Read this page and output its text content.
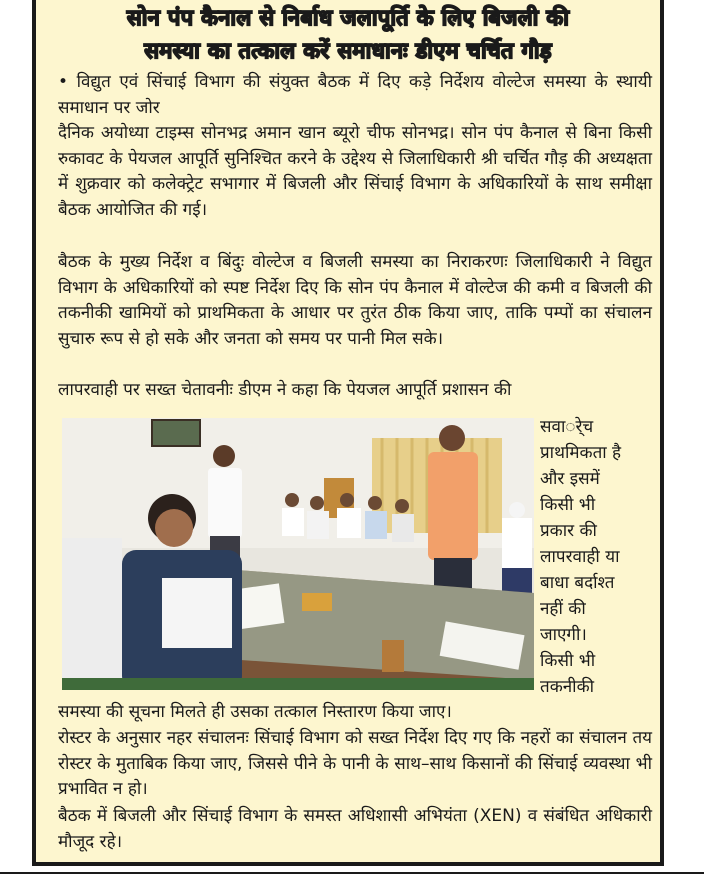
सोन पंप कैनाल से निर्बाध जलापूर्ति के लिए बिजली की
समस्या का तत्काल करें समाधानः डीएम चर्चित गौड़
• विद्युत एवं सिंचाई विभाग की संयुक्त बैठक में दिए कड़े निर्देशय वोल्टेज समस्या के स्थायी समाधान पर जोर
दैनिक अयोध्या टाइम्स सोनभद्र अमान खान ब्यूरो चीफ सोनभद्र। सोन पंप कैनाल से बिना किसी रुकावट के पेयजल आपूर्ति सुनिश्चित करने के उद्देश्य से जिलाधिकारी श्री चर्चित गौड़ की अध्यक्षता में शुक्रवार को कलेक्ट्रेट सभागार में बिजली और सिंचाई विभाग के अधिकारियों के साथ समीक्षा बैठक आयोजित की गई।
बैठक के मुख्य निर्देश व बिंदुः वोल्टेज व बिजली समस्या का निराकरणः जिलाधिकारी ने विद्युत विभाग के अधिकारियों को स्पष्ट निर्देश दिए कि सोन पंप कैनाल में वोल्टेज की कमी व बिजली की तकनीकी खामियों को प्राथमिकता के आधार पर तुरंत ठीक किया जाए, ताकि पम्पों का संचालन सुचारु रूप से हो सके और जनता को समय पर पानी मिल सके।
लापरवाही पर सख्त चेतावनीः डीएम ने कहा कि पेयजल आपूर्ति प्रशासन की
सवार्ेच
प्राथमिकता है
और इसमें
किसी भी
प्रकार की
लापरवाही या
बाधा बर्दाश्त
नहीं की
जाएगी।
किसी भी
तकनीकी
समस्या की सूचना मिलते ही उसका तत्काल निस्तारण किया जाए।
रोस्टर के अनुसार नहर संचालनः सिंचाई विभाग को सख्त निर्देश दिए गए कि नहरों का संचालन तय रोस्टर के मुताबिक किया जाए, जिससे पीने के पानी के साथ–साथ किसानों की सिंचाई व्यवस्था भी प्रभावित न हो।
बैठक में बिजली और सिंचाई विभाग के समस्त अधिशासी अभियंता (XEN) व संबंधित अधिकारी मौजूद रहे।
